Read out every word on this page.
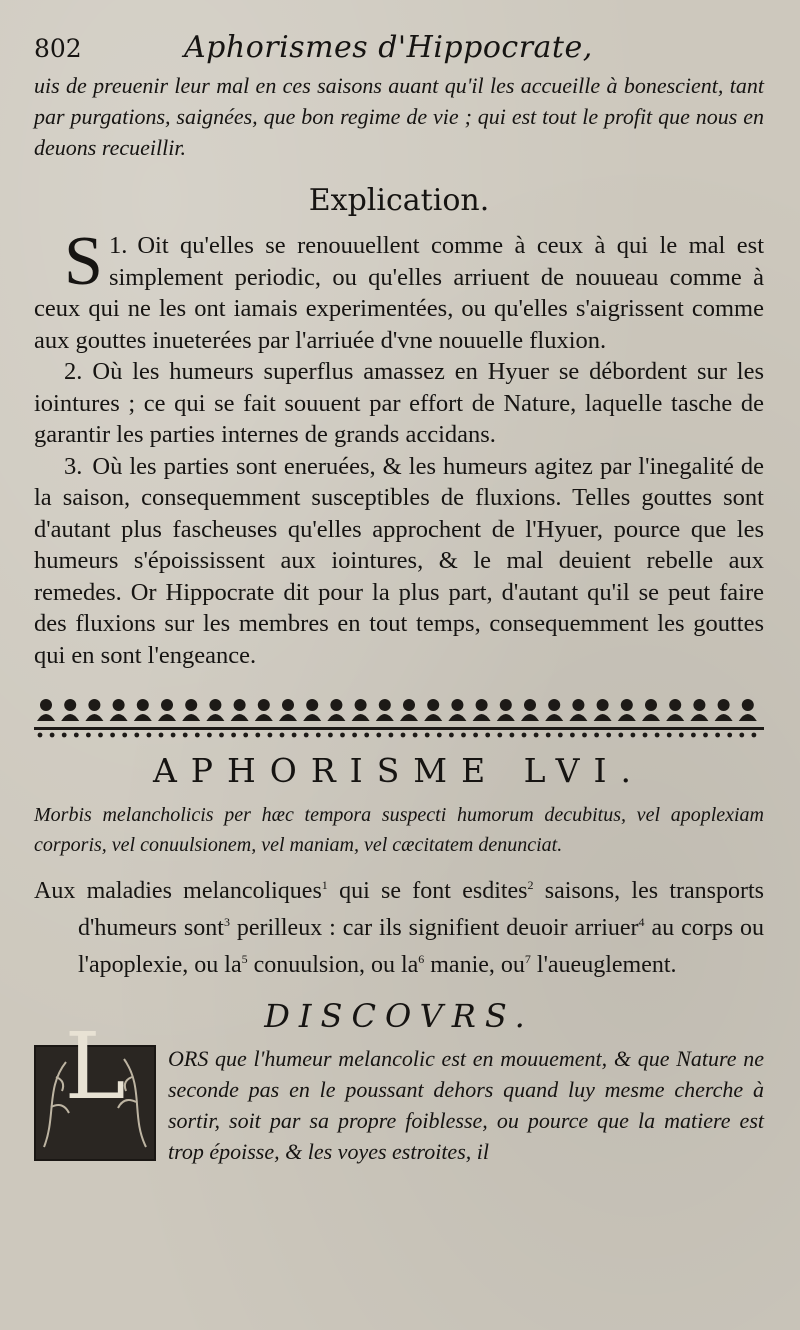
802	Aphorismes d'Hippocrate,

uis de preuenir leur mal en ces saisons auant qu'il les accueille à bonescient, tant par purgations, saignées, que bon regime de vie ; qui est tout le profit que nous en deuons recueillir.

Explication.

1.
S Oit qu'elles se renouuellent comme à ceux à qui le mal est simplement periodic, ou qu'elles arriuent de nouueau comme à ceux qui ne les ont iamais experimentées, ou qu'elles s'aigrissent comme aux gouttes inueterées par l'arriuée d'vne nouuelle fluxion.

2. Où les humeurs superflus amassez en Hyuer se débordent sur les iointures ; ce qui se fait souuent par effort de Nature, laquelle tasche de garantir les parties internes de grands accidans.

3. Où les parties sont eneruées, & les humeurs agitez par l'inegalité de la saison, consequemment susceptibles de fluxions. Telles gouttes sont d'autant plus fascheuses qu'elles approchent de l'Hyuer, pource que les humeurs s'époississent aux iointures, & le mal deuient rebelle aux remedes. Or Hippocrate dit pour la plus part, d'autant qu'il se peut faire des fluxions sur les membres en tout temps, consequemment les gouttes qui en sont l'engeance.

APHORISME LVI.

Morbis melancholicis per hæc tempora suspecti humorum decubitus, vel apoplexiam corporis, vel conuulsionem, vel maniam, vel cæcitatem denunciat.

Aux maladies melancoliques$^1$ qui se font esdites$^2$ saisons, les transports d'humeurs sont$^3$ perilleux : car ils signifient deuoir arriuer$^4$ au corps ou l'apoplexie, ou $la^5$ conuulsion, ou $la^6$ manie, $ou^7$ l'aueuglement.

DISCOVRS.
L	ORS que l'humeur melancolic est en mouuement, & que Nature ne seconde pas en le poussant dehors quand luy mesme cherche à sortir, soit par sa propre foiblesse, ou pource que la matiere est trop époisse, & les voyes estroites, il
